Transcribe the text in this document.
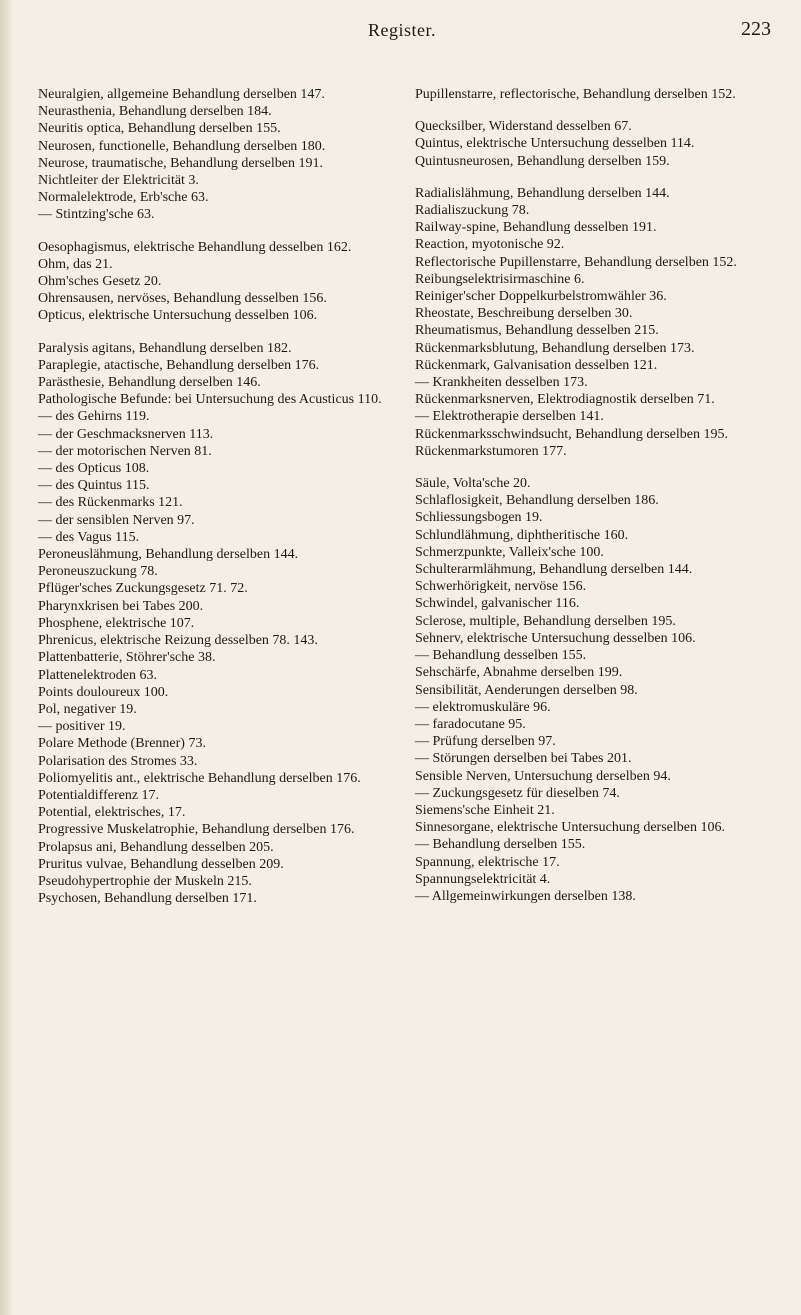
Register.	223

Neuralgien, allgemeine Behandlung derselben 147.

Neurasthenia, Behandlung derselben 184.

Neuritis optica, Behandlung derselben 155.

Neurosen, functionelle, Behandlung derselben 180.

Neurose, traumatische, Behandlung derselben 191.

Nichtleiter der Elektricität 3.

Normalelektrode, Erb'sche 63.

— Stintzing'sche 63.

Oesophagismus, elektrische Behandlung desselben 162.

Ohm, das 21.

Ohm'sches Gesetz 20.

Ohrensausen, nervöses, Behandlung desselben 156.

Opticus, elektrische Untersuchung desselben 106.

Paralysis agitans, Behandlung derselben 182.

Paraplegie, atactische, Behandlung derselben 176.

Parästhesie, Behandlung derselben 146.

Pathologische Befunde: bei Untersuchung des Acusticus 110.

— des Gehirns 119.

— der Geschmacksnerven 113.

— der motorischen Nerven 81.

— des Opticus 108.

— des Quintus 115.

— des Rückenmarks 121.

— der sensiblen Nerven 97.

— des Vagus 115.

Peroneuslähmung, Behandlung derselben 144.

Peroneuszuckung 78.

Pflüger'sches Zuckungsgesetz 71. 72.

Pharynxkrisen bei Tabes 200.

Phosphene, elektrische 107.

Phrenicus, elektrische Reizung desselben 78. 143.

Plattenbatterie, Stöhrer'sche 38.

Plattenelektroden 63.

Points douloureux 100.

Pol, negativer 19.

— positiver 19.

Polare Methode (Brenner) 73.

Polarisation des Stromes 33.

Poliomyelitis ant., elektrische Behandlung derselben 176.

Potentialdifferenz 17.

Potential, elektrisches, 17.

Progressive Muskelatrophie, Behandlung derselben 176.

Prolapsus ani, Behandlung desselben 205.

Pruritus vulvae, Behandlung desselben 209.

Pseudohypertrophie der Muskeln 215.

Psychosen, Behandlung derselben 171.

Pupillenstarre, reflectorische, Behandlung derselben 152.

Quecksilber, Widerstand desselben 67.

Quintus, elektrische Untersuchung desselben 114.

Quintusneurosen, Behandlung derselben 159.

Radialislähmung, Behandlung derselben 144.

Radialiszuckung 78.

Railway-spine, Behandlung desselben 191.

Reaction, myotonische 92.

Reflectorische Pupillenstarre, Behandlung derselben 152.

Reibungselektrisirmaschine 6.

Reiniger'scher Doppelkurbelstromwähler 36.

Rheostate, Beschreibung derselben 30.

Rheumatismus, Behandlung desselben 215.

Rückenmarksblutung, Behandlung derselben 173.

Rückenmark, Galvanisation desselben 121.

— Krankheiten desselben 173.

Rückenmarksnerven, Elektrodiagnostik derselben 71.

— Elektrotherapie derselben 141.

Rückenmarksschwindsucht, Behandlung derselben 195.

Rückenmarkstumoren 177.

Säule, Volta'sche 20.

Schlaflosigkeit, Behandlung derselben 186.

Schliessungsbogen 19.

Schlundlähmung, diphtheritische 160.

Schmerzpunkte, Valleix'sche 100.

Schulterarmlähmung, Behandlung derselben 144.

Schwerhörigkeit, nervöse 156.

Schwindel, galvanischer 116.

Sclerose, multiple, Behandlung derselben 195.

Sehnerv, elektrische Untersuchung desselben 106.

— Behandlung desselben 155.

Sehschärfe, Abnahme derselben 199.

Sensibilität, Aenderungen derselben 98.

— elektromuskuläre 96.

— faradocutane 95.

— Prüfung derselben 97.

— Störungen derselben bei Tabes 201.

Sensible Nerven, Untersuchung derselben 94.

— Zuckungsgesetz für dieselben 74.

Siemens'sche Einheit 21.

Sinnesorgane, elektrische Untersuchung derselben 106.

— Behandlung derselben 155.

Spannung, elektrische 17.

Spannungselektricität 4.

— Allgemeinwirkungen derselben 138.
